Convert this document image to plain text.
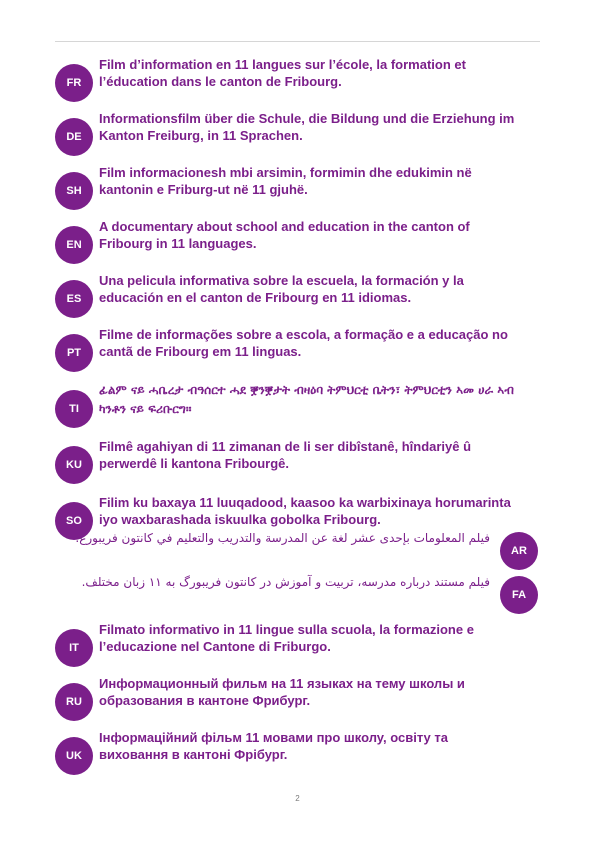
FR
Film d’information en 11 langues sur l’école, la formation et l’éducation dans le canton de Fribourg.
DE
Informationsfilm über die Schule, die Bildung und die Erziehung im Kanton Freiburg, in 11 Sprachen.
SH
Film informacionesh mbi arsimin, formimin dhe edukimin në kantonin e Friburg-ut në 11 gjuhë.
EN
A documentary about school and education in the canton of Fribourg in 11 languages.
ES
Una pelicula informativa sobre la escuela, la formación y la educación en el canton de Fribourg en 11 idiomas.
PT
Filme de informações sobre a escola, a formação e a educação no cantã de Fribourg em 11 linguas.
TI
ፊልም ናይ ሓቤረታ ብዓሰርተ ሓደ ቛንቛታት ብዛዕባ ትምህርቲ ቤትን፣ ትምህርቲን ኣመ ሀራ ኣብ ካንቶን ናይ ፍሪቡርግ።
KU
Filmê agahiyan di 11 zimanan de li ser dibîstanê, hîndariyê û perwerdê li kantona Fribourgê.
SO
Filim ku baxaya 11 luuqadood, kaasoo ka warbixinaya horumarinta iyo waxbarashada iskuulka gobolka Fribourg.
AR
فيلم المعلومات بإحدى عشر لغة عن المدرسة والتدريب والتعليم في كانتون فريبورغ.
FA
فیلم مستند درباره مدرسه، تربیت و آموزش در کانتون فریبورگ به ۱۱ زبان مختلف.
IT
Filmato informativo in 11 lingue sulla scuola, la formazione e l’educazione nel Cantone di Friburgo.
RU
Информационный фильм на 11 языках на тему школы и образования в кантоне Фрибург.
UK
Інформаційний фільм 11 мовами про школу, освіту та виховання в кантоні Фрібург.
2
